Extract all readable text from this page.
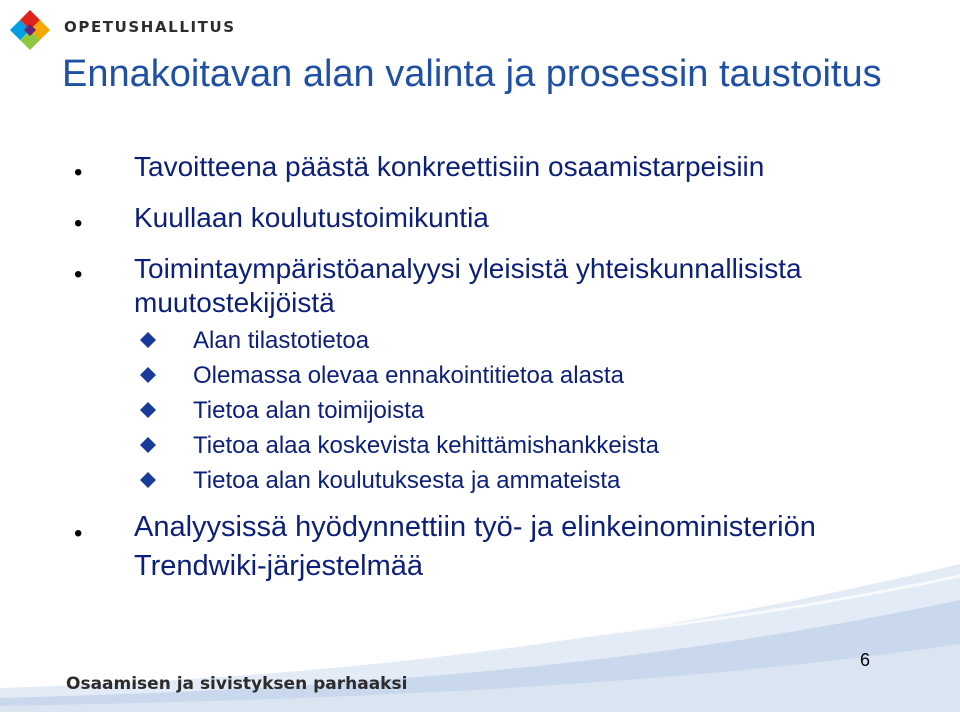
OPETUSHALLITUS
Ennakoitavan alan valinta ja prosessin taustoitus
• Tavoitteena päästä konkreettisiin osaamistarpeisiin
• Kuullaan koulutustoimikuntia
• Toimintaympäristöanalyysi yleisistä yhteiskunnallisista muutostekijöistä
Alan tilastotietoa
Olemassa olevaa ennakointitietoa alasta
Tietoa alan toimijoista
Tietoa alaa koskevista kehittämishankkeista
Tietoa alan koulutuksesta ja ammateista
• Analyysissä hyödynnettiin työ- ja elinkeinoministeriön Trendwiki-järjestelmää
Osaamisen ja sivistyksen parhaaksi
6
